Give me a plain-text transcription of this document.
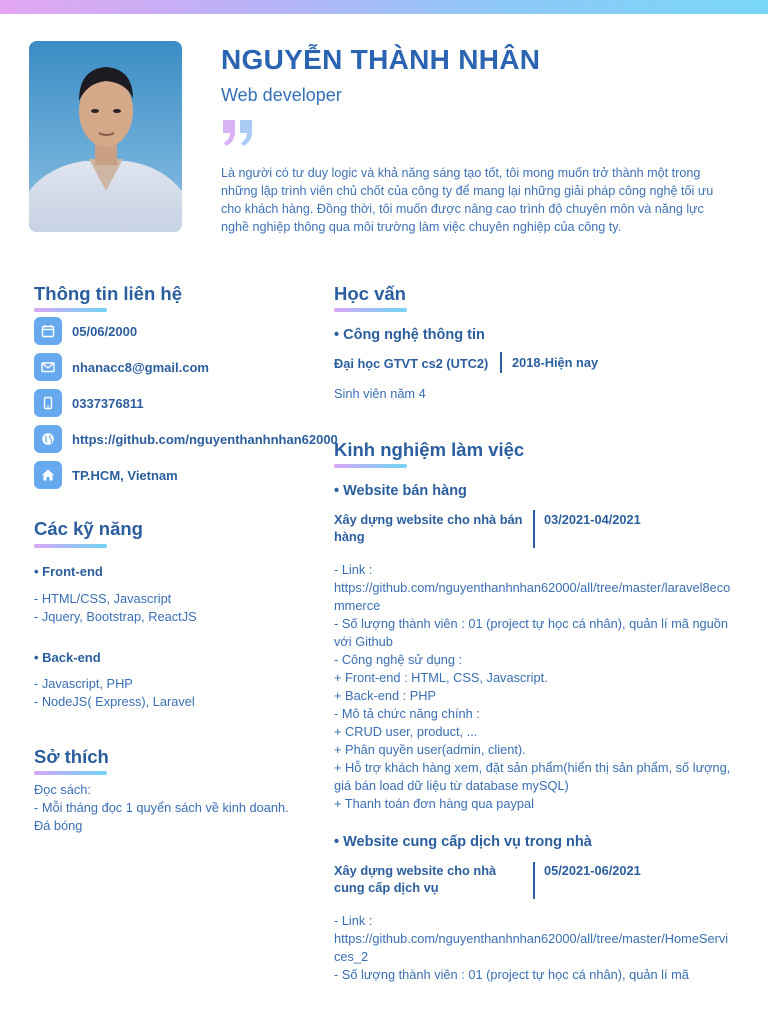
NGUYỄN THÀNH NHÂN
Web developer
Là người có tư duy logic và khả năng sáng tạo tốt, tôi mong muốn trở thành một trong những lập trình viên chủ chốt của công ty để mang lại những giải pháp công nghệ tối ưu cho khách hàng. Đồng thời, tôi muốn được nâng cao trình độ chuyên môn và năng lực nghề nghiệp thông qua môi trường làm việc chuyên nghiệp của công ty.
Thông tin liên hệ
05/06/2000
nhanacc8@gmail.com
0337376811
https://github.com/nguyenthanhnhan62000
TP.HCM, Vietnam
Các kỹ năng
• Front-end
- HTML/CSS, Javascript
- Jquery, Bootstrap, ReactJS
• Back-end
- Javascript, PHP
- NodeJS( Express), Laravel
Sở thích
Đọc sách:
- Mỗi tháng đọc 1 quyển sách về kinh doanh.
Đá bóng
Học vấn
• Công nghệ thông tin
Đại học GTVT cs2 (UTC2) 2018-Hiện nay
Sinh viên năm 4
Kinh nghiệm làm việc
• Website bán hàng
Xây dựng website cho nhà bán hàng
03/2021-04/2021
- Link :
https://github.com/nguyenthanhnhan62000/all/tree/master/laravel8ecommerce
- Số lượng thành viên : 01 (project tự học cá nhân), quản lí mã nguồn với Github
- Công nghệ sử dụng :
+ Front-end : HTML, CSS, Javascript.
+ Back-end : PHP
- Mô tả chức năng chính :
+ CRUD user, product, ...
+ Phân quyền user(admin, client).
+ Hỗ trợ khách hàng xem, đặt sản phẩm(hiển thị sản phẩm, số lượng, giá bán load dữ liệu từ database mySQL)
+ Thanh toán đơn hàng qua paypal
• Website cung cấp dịch vụ trong nhà
Xây dựng website cho nhà cung cấp dịch vụ
05/2021-06/2021
- Link :
https://github.com/nguyenthanhnhan62000/all/tree/master/HomeServices_2
- Số lượng thành viên : 01 (project tự học cá nhân), quản lí mã
